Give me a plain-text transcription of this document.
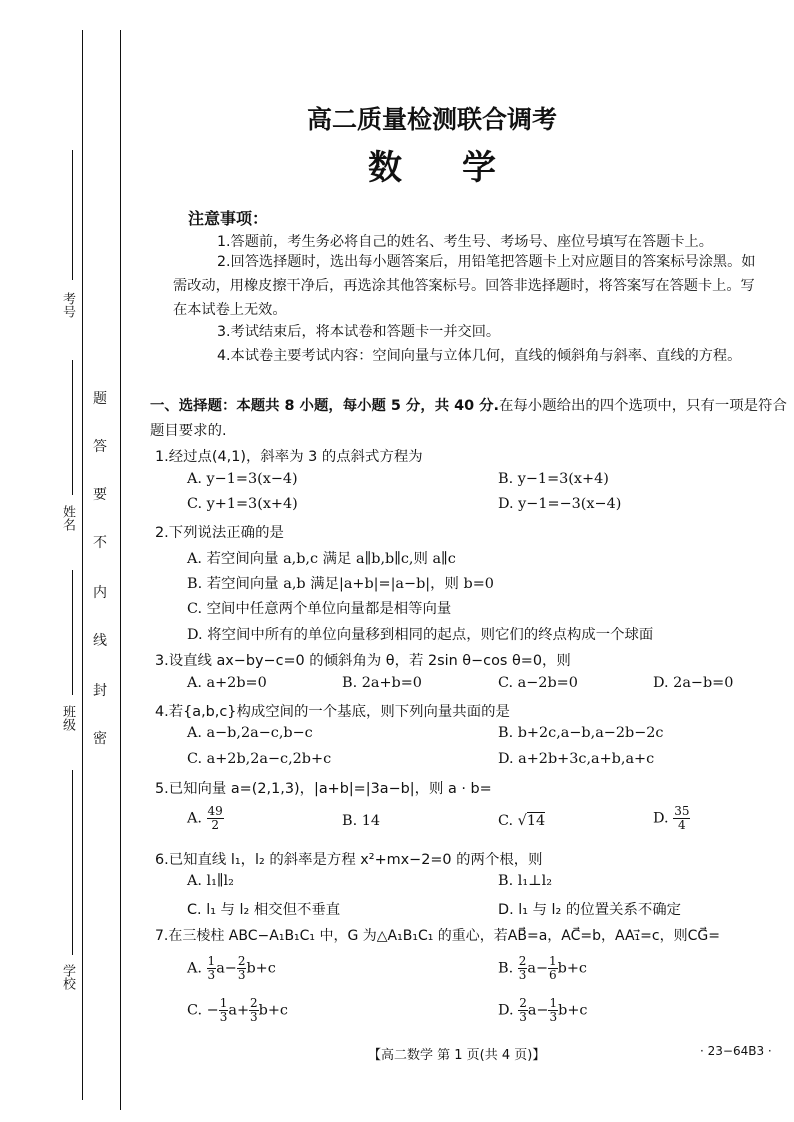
考号
姓名
班级
学校
题
答
要
不
内
线
封
密
高二质量检测联合调考
数学
注意事项：
1.答题前，考生务必将自己的姓名、考生号、考场号、座位号填写在答题卡上。
2.回答选择题时，选出每小题答案后，用铅笔把答题卡上对应题目的答案标号涂黑。如需改动，用橡皮擦干净后，再选涂其他答案标号。回答非选择题时，将答案写在答题卡上。写在本试卷上无效。
3.考试结束后，将本试卷和答题卡一并交回。
4.本试卷主要考试内容：空间向量与立体几何，直线的倾斜角与斜率、直线的方程。
一、选择题：本题共 8 小题，每小题 5 分，共 40 分.在每小题给出的四个选项中，只有一项是符合题目要求的.
1.经过点(4,1)，斜率为 3 的点斜式方程为
A. y−1=3(x−4)	B. y−1=3(x+4)
C. y+1=3(x+4)	D. y−1=−3(x−4)
2.下列说法正确的是
A. 若空间向量 a,b,c 满足 a∥b,b∥c,则 a∥c
B. 若空间向量 a,b 满足|a+b|=|a−b|，则 b=0
C. 空间中任意两个单位向量都是相等向量
D. 将空间中所有的单位向量移到相同的起点，则它们的终点构成一个球面
3.设直线 ax−by−c=0 的倾斜角为 θ，若 2sin θ−cos θ=0，则
A. a+2b=0	B. 2a+b=0	C. a−2b=0	D. 2a−b=0
4.若{a,b,c}构成空间的一个基底，则下列向量共面的是
A. a−b,2a−c,b−c	B. b+2c,a−b,a−2b−2c
C. a+2b,2a−c,2b+c	D. a+2b+3c,a+b,a+c
5.已知向量 a=(2,1,3)，|a+b|=|3a−b|，则 a · b=
A. $\frac{49}{2}$	B. 14	C. √14	D. $\frac{35}{4}$
6.已知直线 l₁，l₂ 的斜率是方程 x²+mx−2=0 的两个根，则
A. l₁∥l₂	B. l₁⊥l₂
C. l₁ 与 l₂ 相交但不垂直	D. l₁ 与 l₂ 的位置关系不确定
7.在三棱柱 ABC−A₁B₁C₁ 中，G 为△A₁B₁C₁ 的重心，若AB⃗=a，AC⃗=b，AA₁⃗=c，则CG⃗=
A. $\frac{1}{3} a- \frac{2}{3} b+c$	B. $\frac{2}{3} a- \frac{1}{6} b+c$
C. − $\frac{1}{3} a+ \frac{2}{3} b+c$	D. $\frac{2}{3} a- \frac{1}{3} b+c$
【高二数学 第 1 页(共 4 页)】	· 23−64B3 ·
